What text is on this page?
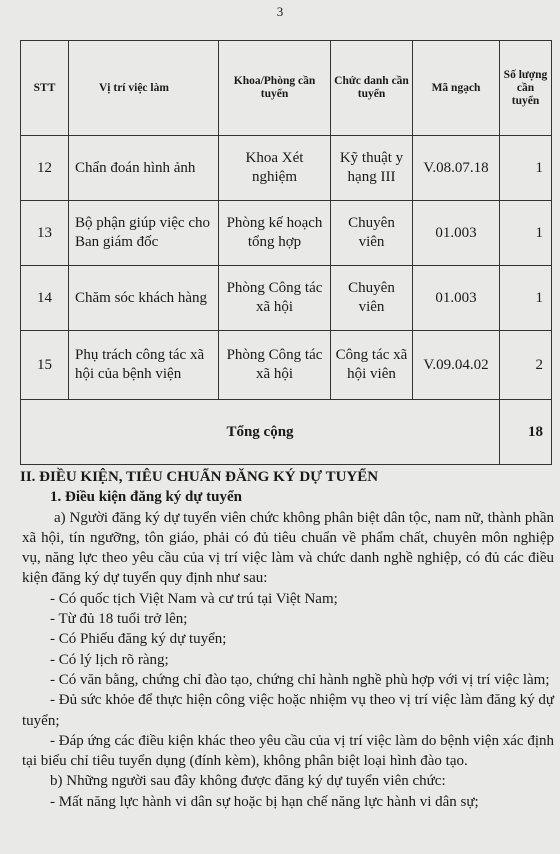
3
STT	Vị trí việc làm	Khoa/Phòng cần tuyển	Chức danh cần tuyển	Mã ngạch	Số lượng cần tuyển
12	Chẩn đoán hình ảnh	Khoa Xét nghiệm	Kỹ thuật y hạng III	V.08.07.18	1
13	Bộ phận giúp việc cho Ban giám đốc	Phòng kế hoạch tổng hợp	Chuyên viên	01.003	1
14	Chăm sóc khách hàng	Phòng Công tác xã hội	Chuyên viên	01.003	1
15	Phụ trách công tác xã hội của bệnh viện	Phòng Công tác xã hội	Công tác xã hội viên	V.09.04.02	2
Tổng cộng					18
II. ĐIỀU KIỆN, TIÊU CHUẨN ĐĂNG KÝ DỰ TUYỂN
1. Điều kiện đăng ký dự tuyển
a) Người đăng ký dự tuyển viên chức không phân biệt dân tộc, nam nữ, thành phần xã hội, tín ngưỡng, tôn giáo, phải có đủ tiêu chuẩn về phẩm chất, chuyên môn nghiệp vụ, năng lực theo yêu cầu của vị trí việc làm và chức danh nghề nghiệp, có đủ các điều kiện đăng ký dự tuyển quy định như sau:
- Có quốc tịch Việt Nam và cư trú tại Việt Nam;
- Từ đủ 18 tuổi trở lên;
- Có Phiếu đăng ký dự tuyển;
- Có lý lịch rõ ràng;
- Có văn bằng, chứng chỉ đào tạo, chứng chỉ hành nghề phù hợp với vị trí việc làm;
- Đủ sức khỏe để thực hiện công việc hoặc nhiệm vụ theo vị trí việc làm đăng ký dự tuyển;
- Đáp ứng các điều kiện khác theo yêu cầu của vị trí việc làm do bệnh viện xác định tại biểu chỉ tiêu tuyển dụng (đính kèm), không phân biệt loại hình đào tạo.
b) Những người sau đây không được đăng ký dự tuyển viên chức:
- Mất năng lực hành vi dân sự hoặc bị hạn chế năng lực hành vi dân sự;
